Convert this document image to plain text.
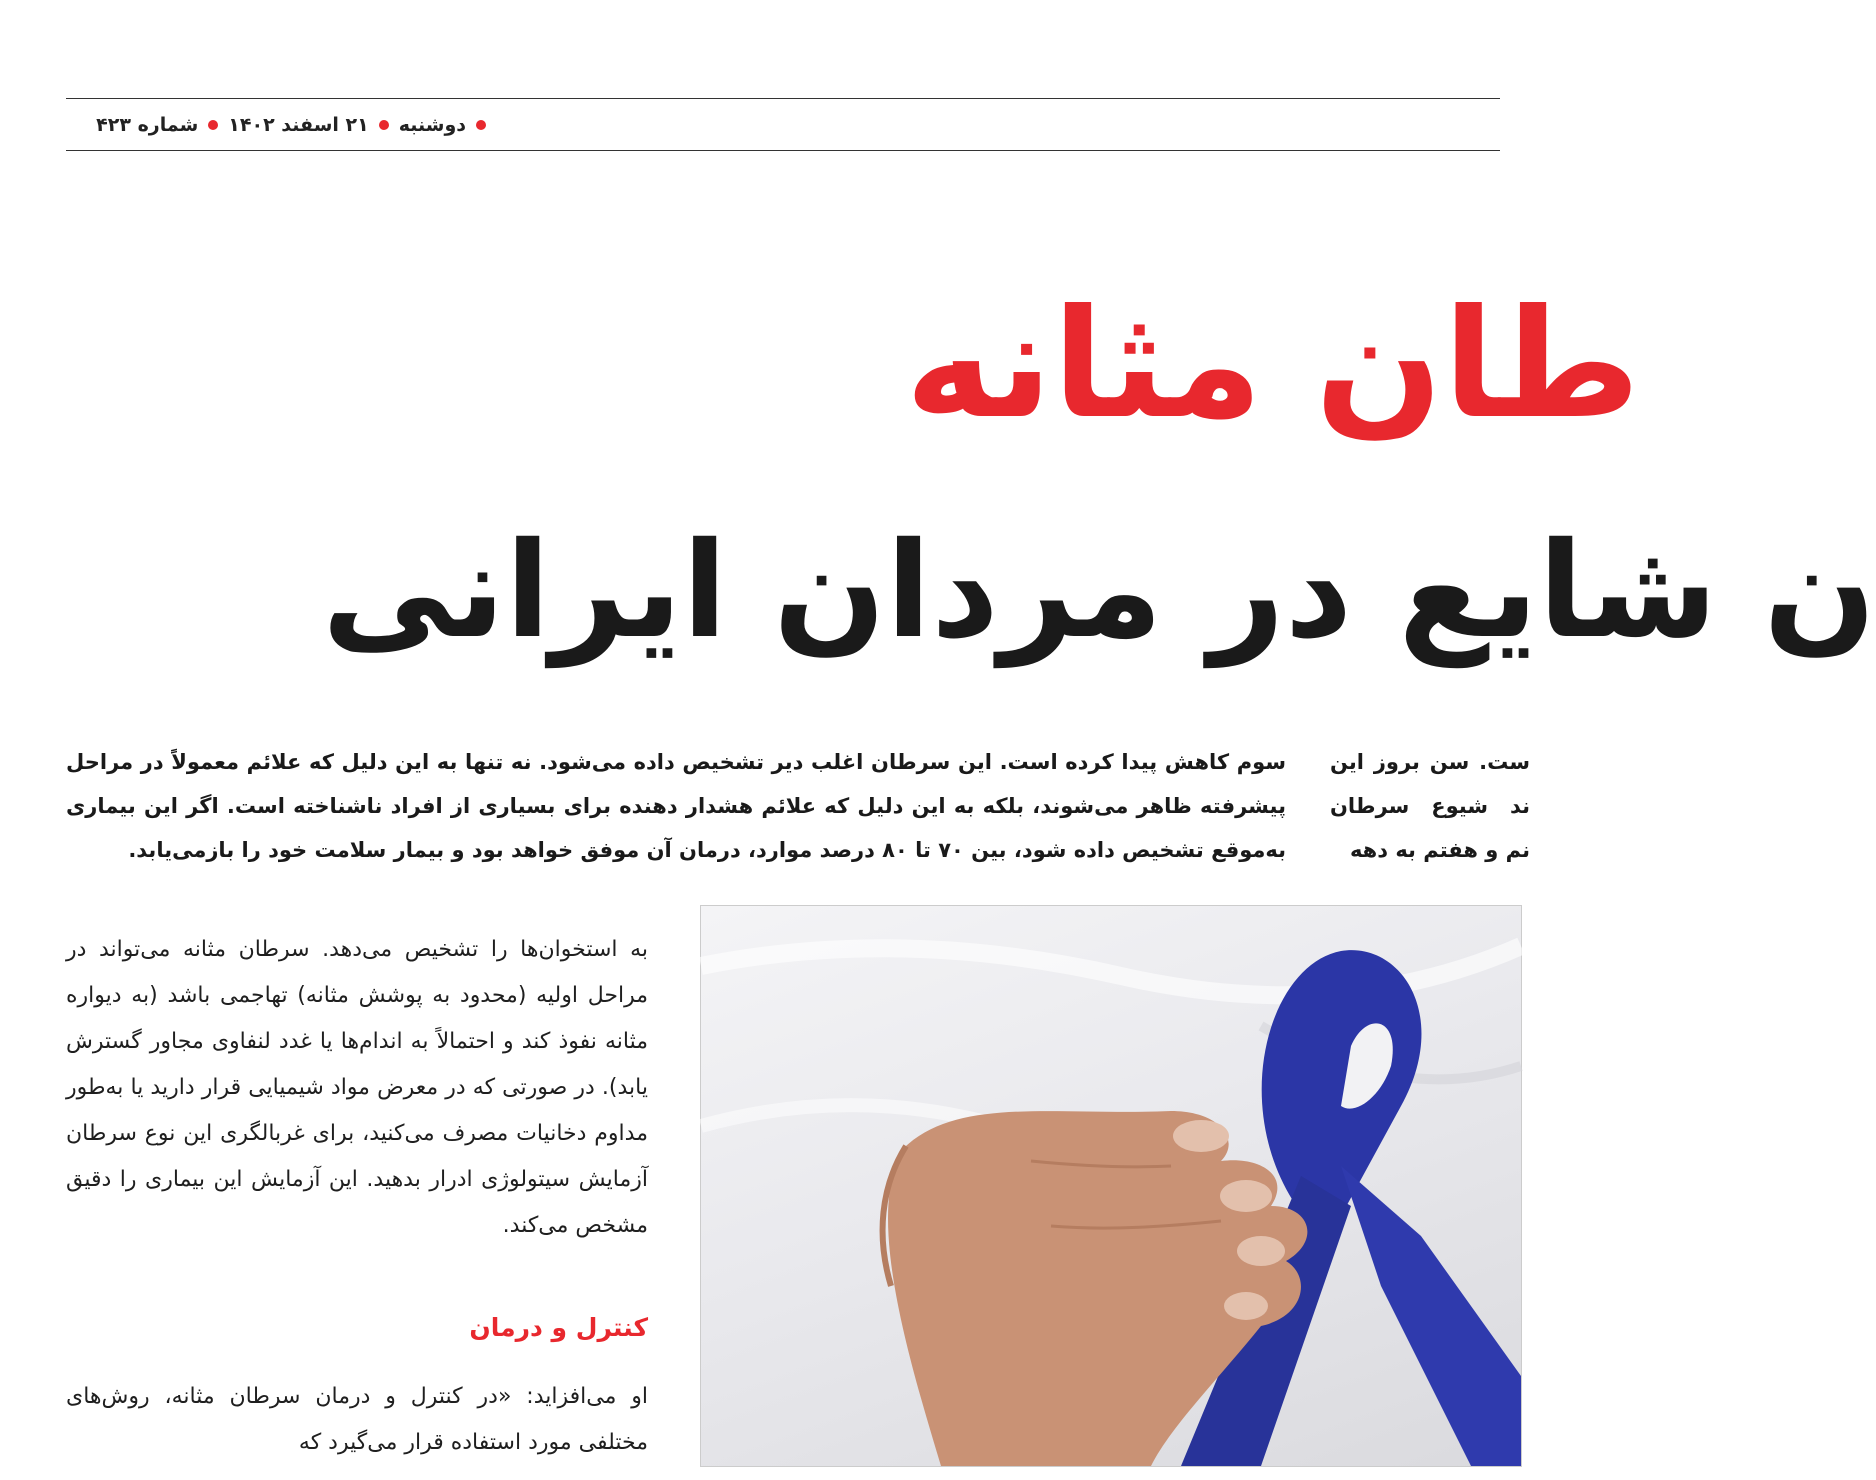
دوشنبه
۲۱ اسفند ۱۴۰۲
شماره ۴۲۳
طان مثانه
ن شایع در مردان ایرانی
ست. سن بروز این ند شیوع سرطان نم و هفتم به دهه
سوم کاهش پیدا کرده است. این سرطان اغلب دیر تشخیص داده می‌شود. نه تنها به این دلیل که علائم معمولاً در مراحل پیشرفته ظاهر می‌شوند، بلکه به این دلیل که علائم هشدار دهنده برای بسیاری از افراد ناشناخته است. اگر این بیماری به‌موقع تشخیص داده شود، بین ۷۰ تا ۸۰ درصد موارد، درمان آن موفق خواهد بود و بیمار سلامت خود را بازمی‌یابد.

به استخوان‌ها را تشخیص می‌دهد. سرطان مثانه می‌تواند در مراحل اولیه (محدود به پوشش مثانه) تهاجمی باشد (به دیواره مثانه نفوذ کند و احتمالاً به اندام‌ها یا غدد لنفاوی مجاور گسترش یابد). در صورتی که در معرض مواد شیمیایی قرار دارید یا به‌طور مداوم دخانیات مصرف می‌کنید، برای غربالگری این نوع سرطان آزمایش سیتولوژی ادرار بدهید. این آزمایش این بیماری را دقیق مشخص می‌کند.

کنترل و درمان

او می‌افزاید: «در کنترل و درمان سرطان مثانه، روش‌های مختلفی مورد استفاده قرار می‌گیرد که
